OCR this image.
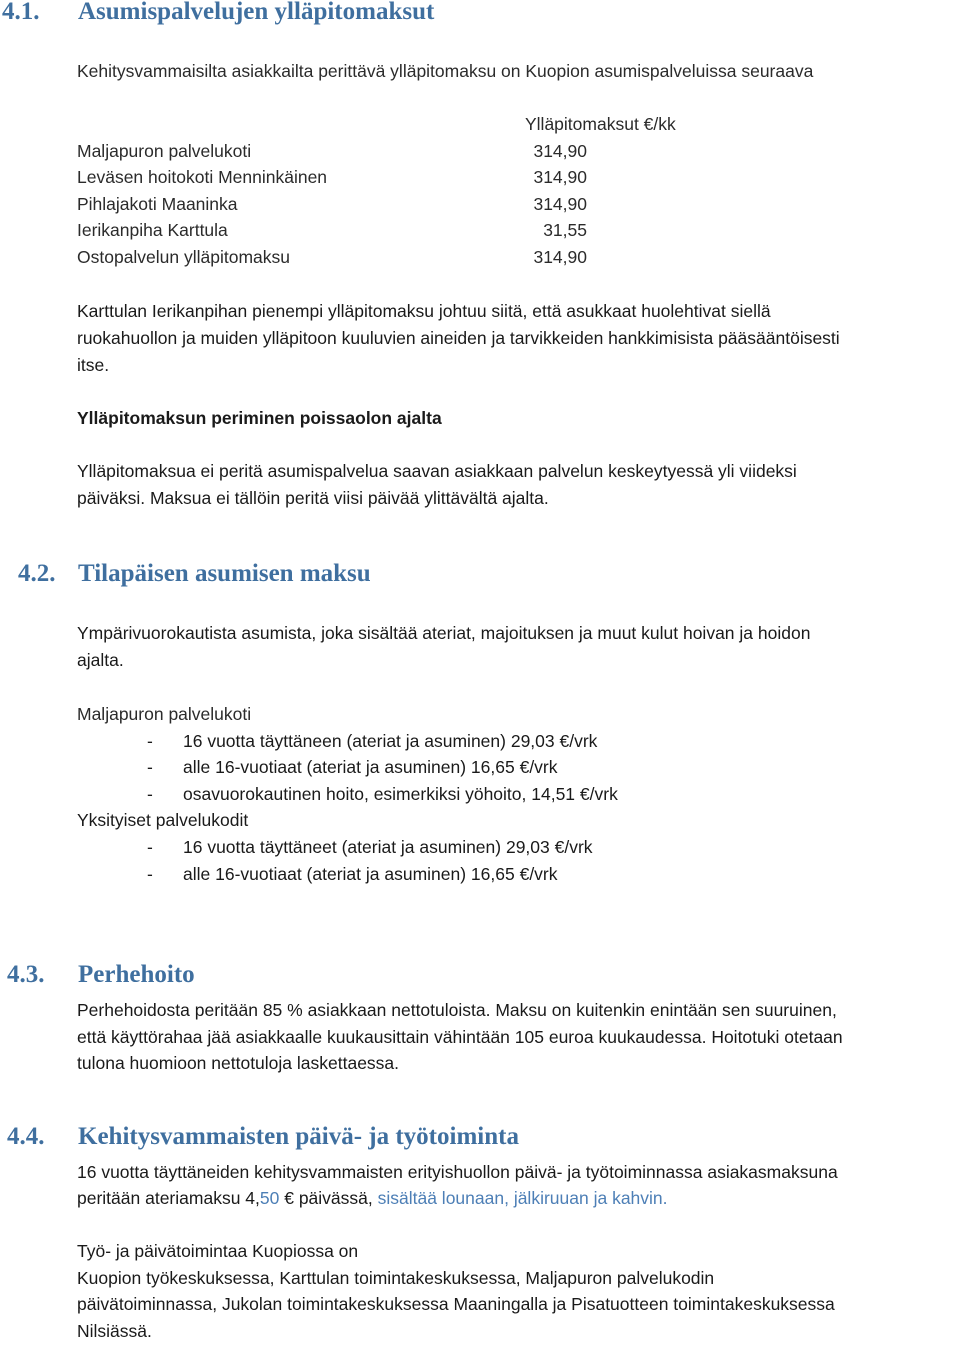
4.1. Asumispalvelujen ylläpitomaksut
Kehitysvammaisilta asiakkailta perittävä ylläpitomaksu on Kuopion asumispalveluissa seuraava
Ylläpitomaksut €/kk
Maljapuron palvelukoti	314,90
Leväsen hoitokoti Menninkäinen	314,90
Pihlajakoti Maaninka	314,90
Ierikanpiha Karttula	31,55
Ostopalvelun ylläpitomaksu	314,90
Karttulan Ierikanpihan pienempi ylläpitomaksu johtuu siitä, että asukkaat huolehtivat siellä
ruokahuollon ja muiden ylläpitoon kuuluvien aineiden ja tarvikkeiden hankkimisista pääsääntöisesti
itse.
Ylläpitomaksun periminen poissaolon ajalta
Ylläpitomaksua ei peritä asumispalvelua saavan asiakkaan palvelun keskeytyessä yli viideksi
päiväksi. Maksua ei tällöin peritä viisi päivää ylittävältä ajalta.
4.2. Tilapäisen asumisen maksu
Ympärivuorokautista asumista, joka sisältää ateriat, majoituksen ja muut kulut hoivan ja hoidon
ajalta.
Maljapuron palvelukoti
- 16 vuotta täyttäneen (ateriat ja asuminen) 29,03 €/vrk
- alle 16-vuotiaat (ateriat ja asuminen) 16,65 €/vrk
- osavuorokautinen hoito, esimerkiksi yöhoito, 14,51 €/vrk
Yksityiset palvelukodit
- 16 vuotta täyttäneet (ateriat ja asuminen) 29,03 €/vrk
- alle 16-vuotiaat (ateriat ja asuminen) 16,65 €/vrk
4.3. Perhehoito
Perhehoidosta peritään 85 % asiakkaan nettotuloista. Maksu on kuitenkin enintään sen suuruinen,
että käyttörahaa jää asiakkaalle kuukausittain vähintään 105 euroa kuukaudessa. Hoitotuki otetaan
tulona huomioon nettotuloja laskettaessa.
4.4. Kehitysvammaisten päivä- ja työtoiminta
16 vuotta täyttäneiden kehitysvammaisten erityishuollon päivä- ja työtoiminnassa asiakasmaksuna
peritään ateriamaksu 4,50 € päivässä, sisältää lounaan, jälkiruuan ja kahvin.
Työ- ja päivätoimintaa Kuopiossa on
Kuopion työkeskuksessa, Karttulan toimintakeskuksessa, Maljapuron palvelukodin
päivätoiminnassa, Jukolan toimintakeskuksessa Maaningalla ja Pisatuotteen toimintakeskuksessa
Nilsiässä.
